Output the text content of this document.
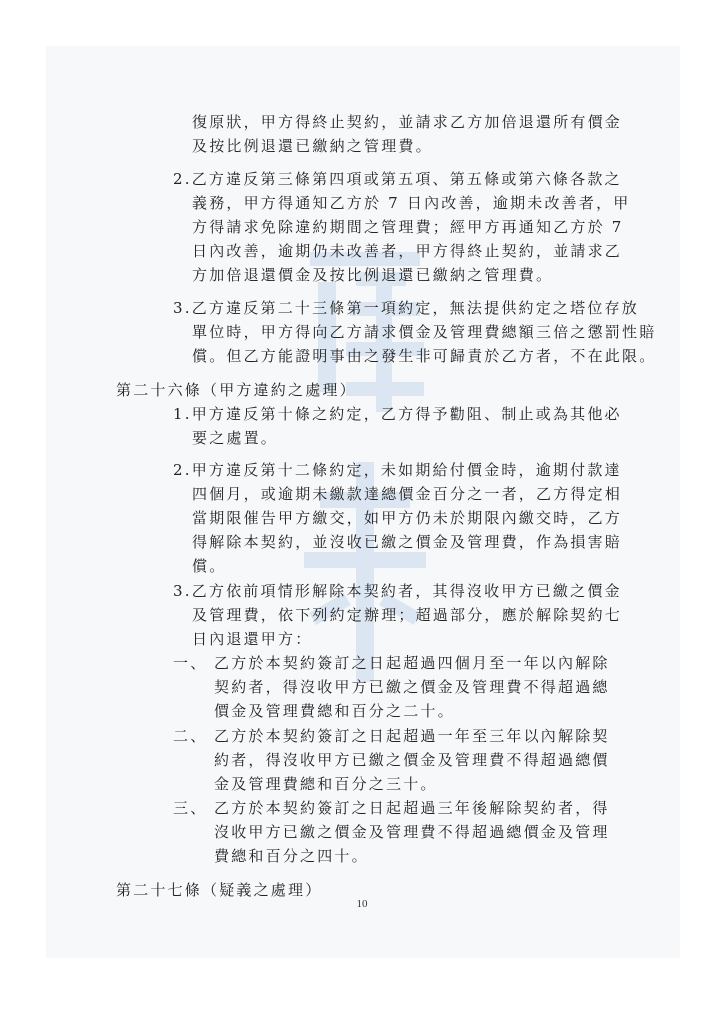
復原狀，甲方得終止契約，並請求乙方加倍退還所有價金
及按比例退還已繳納之管理費。
2.乙方違反第三條第四項或第五項、第五條或第六條各款之
義務，甲方得通知乙方於 7 日內改善，逾期未改善者，甲
方得請求免除違約期間之管理費；經甲方再通知乙方於 7
日內改善，逾期仍未改善者，甲方得終止契約，並請求乙
方加倍退還價金及按比例退還已繳納之管理費。
3.乙方違反第二十三條第一項約定，無法提供約定之塔位存放
單位時，甲方得向乙方請求價金及管理費總額三倍之懲罰性賠
償。但乙方能證明事由之發生非可歸責於乙方者，不在此限。
第二十六條（甲方違約之處理）
1.甲方違反第十條之約定，乙方得予勸阻、制止或為其他必
要之處置。
2.甲方違反第十二條約定，未如期給付價金時，逾期付款達
四個月，或逾期未繳款達總價金百分之一者，乙方得定相
當期限催告甲方繳交，如甲方仍未於期限內繳交時，乙方
得解除本契約，並沒收已繳之價金及管理費，作為損害賠
償。
3.乙方依前項情形解除本契約者，其得沒收甲方已繳之價金
及管理費，依下列約定辦理；超過部分，應於解除契約七
日內退還甲方：
一、 乙方於本契約簽訂之日起超過四個月至一年以內解除
契約者，得沒收甲方已繳之價金及管理費不得超過總
價金及管理費總和百分之二十。
二、 乙方於本契約簽訂之日起超過一年至三年以內解除契
約者，得沒收甲方已繳之價金及管理費不得超過總價
金及管理費總和百分之三十。
三、 乙方於本契約簽訂之日起超過三年後解除契約者，得
沒收甲方已繳之價金及管理費不得超過總價金及管理
費總和百分之四十。
第二十七條（疑義之處理）
10
